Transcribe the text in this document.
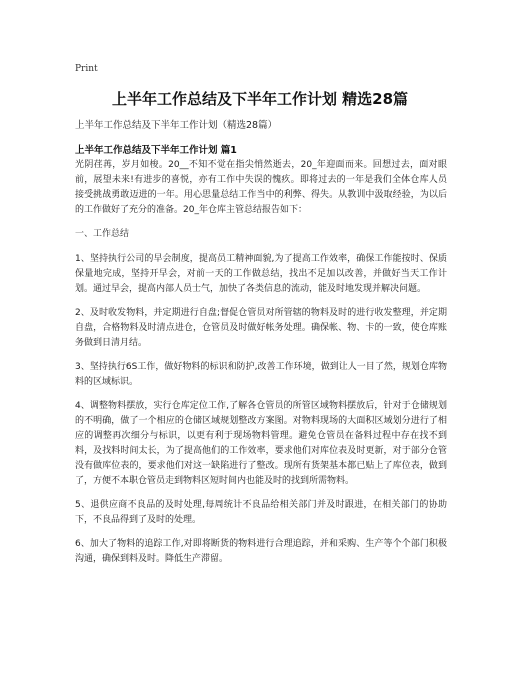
Print
上半年工作总结及下半年工作计划 精选28篇
上半年工作总结及下半年工作计划（精选28篇）
上半年工作总结及下半年工作计划 篇1

光阴荏苒，岁月如梭。20__不知不觉在指尖悄然逝去，20_年迎面而来。回想过去，面对眼前，展望未来!有进步的喜悦，亦有工作中失误的愧疚。即将过去的一年是我们全体仓库人员接受挑战勇敢迈进的一年。用心思量总结工作当中的利弊、得失。从教训中汲取经验，为以后的工作做好了充分的准备。20_年仓库主管总结报告如下：

一、工作总结

1、坚持执行公司的早会制度，提高员工精神面貌,为了提高工作效率，确保工作能按时、保质保量地完成，坚持开早会，对前一天的工作做总结，找出不足加以改善，并做好当天工作计划。通过早会，提高内部人员士气，加快了各类信息的流动，能及时地发现并解决问题。

2、及时收发物料，并定期进行自盘;督促仓管员对所管辖的物料及时的进行收发整理，并定期自盘，合格物料及时清点进仓，仓管员及时做好帐务处理。确保帐、物、卡的一致，使仓库账务做到日清月结。

3、坚持执行6S工作，做好物料的标识和防护,改善工作环境，做到让人一目了然，规划仓库物料的区域标识。

4、调整物料摆放，实行仓库定位工作,了解各仓管员的所管区域物料摆放后，针对于仓储规划的不明确，做了一个相应的仓储区域规划整改方案图。对物料现场的大面积区域划分进行了相应的调整再次细分与标识，以更有利于现场物料管理。避免仓管员在备料过程中存在找不到料，及找料时间太长，为了提高他们的工作效率，要求他们对库位表及时更新，对于部分仓管没有做库位表的，要求他们对这一缺陷进行了整改。现所有货架基本都已贴上了库位表，做到了，方便不本职仓管员走到物料区短时间内也能及时的找到所需物料。

5、退供应商不良品的及时处理,每周统计不良品给相关部门并及时跟进，在相关部门的协助下，不良品得到了及时的处理。

6、加大了物料的追踪工作,对即将断货的物料进行合理追踪，并和采购、生产等个个部门积极沟通，确保到料及时。降低生产滞留。
